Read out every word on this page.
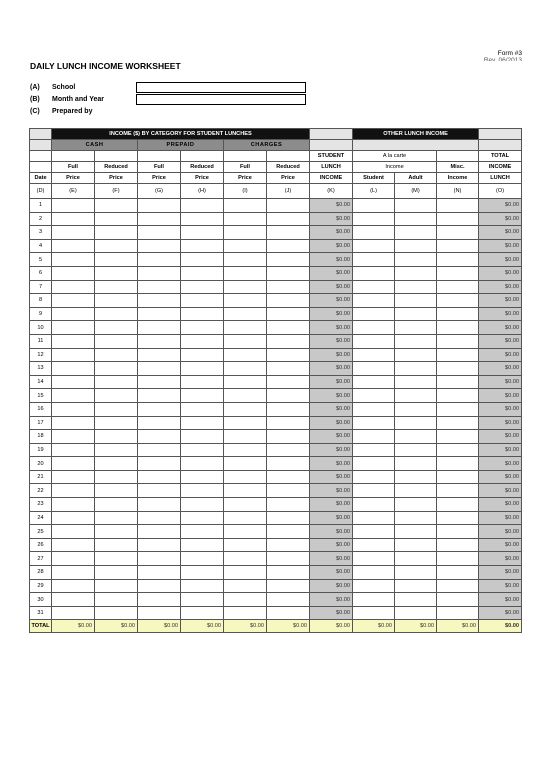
Form #3
Rev. 06/2013
DAILY LUNCH INCOME WORKSHEET
(A) School
(B) Month and Year
(C) Prepared by
	INCOME ($) BY CATEGORY FOR STUDENT LUNCHES							OTHER LUNCH INCOME			
	CASH		PREPAID		CHARGES						
							STUDENT	A la carte			TOTAL
	Full	Reduced	Full	Reduced	Full	Reduced	LUNCH	Income		Misc.	INCOME
Date	Price	Price	Price	Price	Price	Price	INCOME	Student	Adult	Income	LUNCH
(D)	(E)	(F)	(G)	(H)	(I)	(J)	(K)	(L)	(M)	(N)	(O)
1							$0.00				$0.00
2							$0.00				$0.00
3							$0.00				$0.00
4							$0.00				$0.00
5							$0.00				$0.00
6							$0.00				$0.00
7							$0.00				$0.00
8							$0.00				$0.00
9							$0.00				$0.00
10							$0.00				$0.00
11							$0.00				$0.00
12							$0.00				$0.00
13							$0.00				$0.00
14							$0.00				$0.00
15							$0.00				$0.00
16							$0.00				$0.00
17							$0.00				$0.00
18							$0.00				$0.00
19							$0.00				$0.00
20							$0.00				$0.00
21							$0.00				$0.00
22							$0.00				$0.00
23							$0.00				$0.00
24							$0.00				$0.00
25							$0.00				$0.00
26							$0.00				$0.00
27							$0.00				$0.00
28							$0.00				$0.00
29							$0.00				$0.00
30							$0.00				$0.00
31							$0.00				$0.00
TOTAL	$0.00	$0.00	$0.00	$0.00	$0.00	$0.00	$0.00	$0.00	$0.00	$0.00	$0.00
